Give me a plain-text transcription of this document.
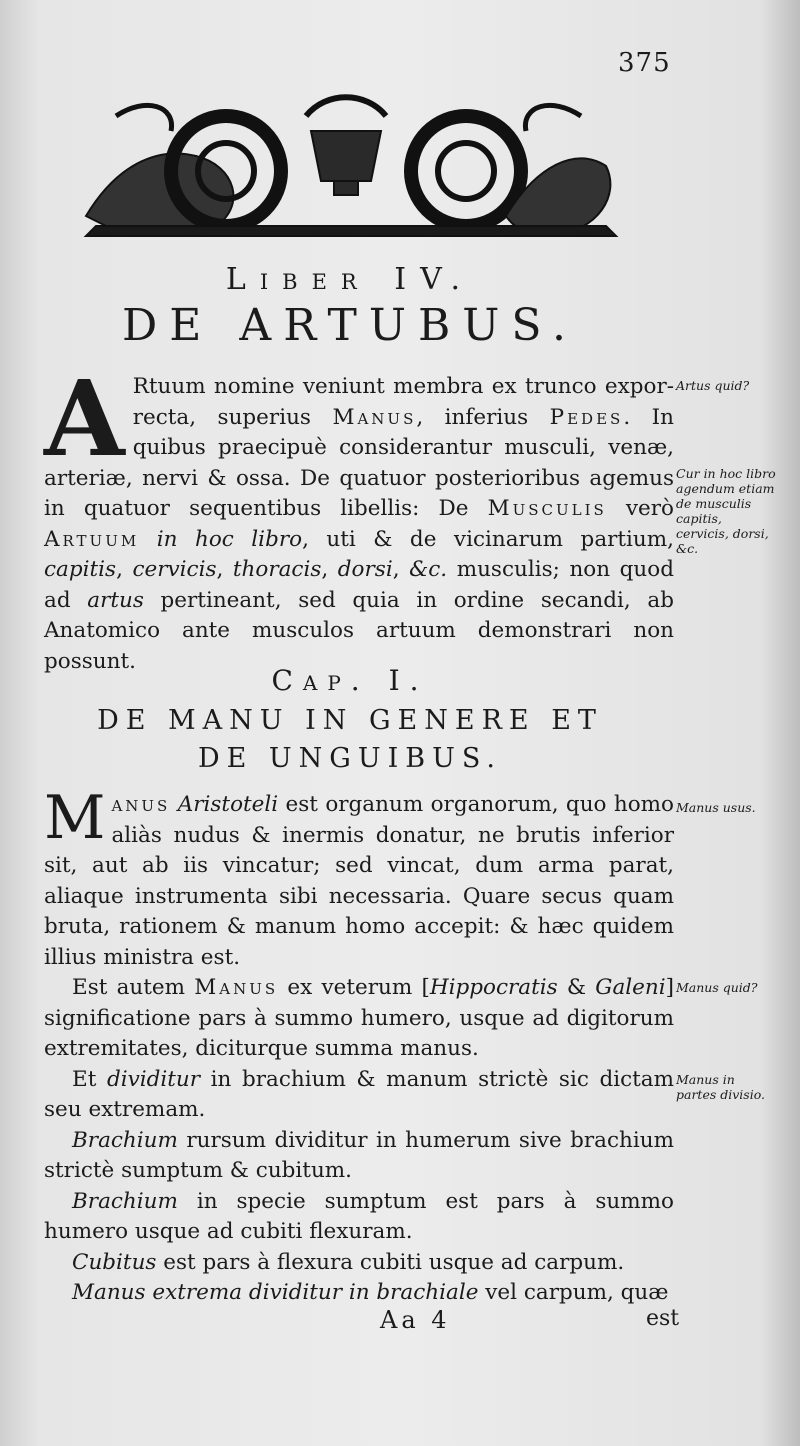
375
Liber IV.
DE ARTUBUS.
A Rtuum nomine veniunt membra ex trunco exporrecta, superius Manus, inferius Pedes. In quibus praecipuè considerantur musculi, venæ, arteriæ, nervi & ossa. De quatuor posterioribus agemus in quatuor sequentibus libellis: De Musculis verò Artuum in hoc libro, uti & de vicinarum partium, capitis, cervicis, thoracis, dorsi, &c. musculis; non quod ad artus pertineant, sed quia in ordine secandi, ab Anatomico ante musculos artuum demonstrari non possunt.
Artus quid?
Cur in hoc libro agendum etiam de musculis capitis, cervicis, dorsi, &c.
Cap. I.
DE MANU IN GENERE ET
DE UNGUIBUS.

Manus Aristoteli est organum organorum, quo homo aliàs nudus & inermis donatur, ne brutis inferior sit, aut ab iis vincatur; sed vincat, dum arma parat, aliaque instrumenta sibi necessaria. Quare secus quam bruta, rationem & manum homo accepit: & hæc quidem illius ministra est.

Est autem Manus ex veterum [Hippocratis & Galeni] significatione pars à summo humero, usque ad digitorum extremitates, diciturque summa manus.

Et dividitur in brachium & manum strictè sic dictam seu extremam.

Brachium rursum dividitur in humerum sive brachium strictè sumptum & cubitum.

Brachium in specie sumptum est pars à summo humero usque ad cubiti flexuram.

Cubitus est pars à flexura cubiti usque ad carpum.

Manus extrema dividitur in brachiale vel carpum, quæ

Manus usus.
Manus quid?
Manus in partes divisio.
Aa 4	est
